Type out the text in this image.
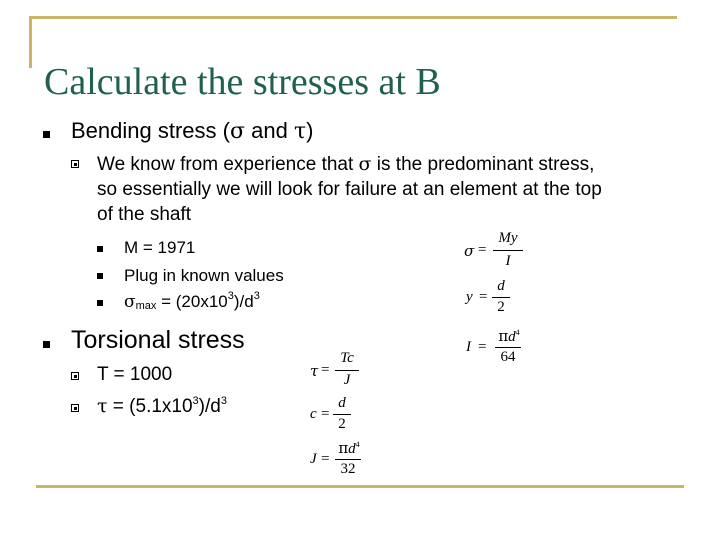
Calculate the stresses at B
Bending stress (σ and τ)
We know from experience that σ is the predominant stress, so essentially we will look for failure at an element at the top of the shaft
M = 1971
Plug in known values
$\sigma_{max} = (20x10^3)/d^3$
Torsional stress
T = 1000
$\tau = (5.1x10^3)/d^3$
σ =
My
I
y =
d
2
I =
$\pi d^4$
64
τ =
Tc
J
c =
d
2
J =
$\pi d^4$
32
